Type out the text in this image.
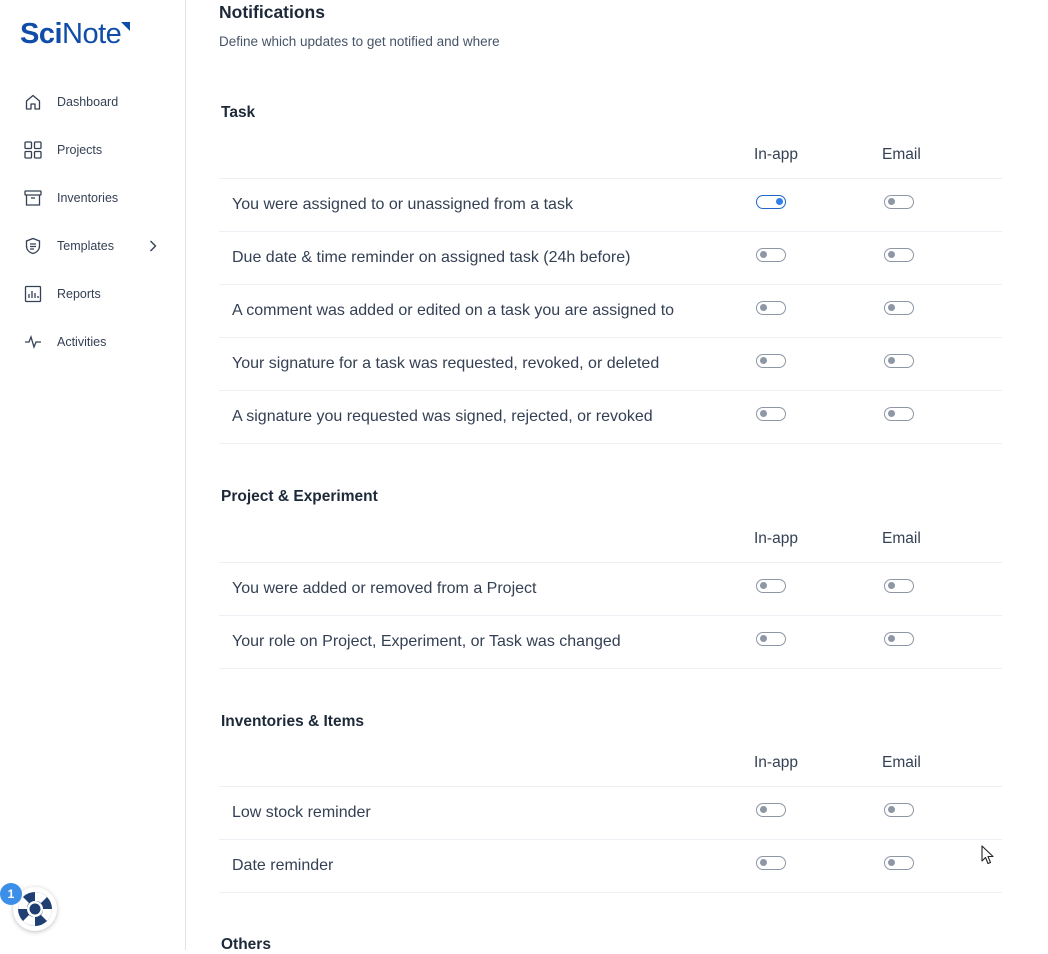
SciNote
Dashboard
Projects
Inventories
Templates
Reports
Activities
1
Notifications
Define which updates to get notified and where
Task
In-app	Email
You were assigned to or unassigned from a task
Due date & time reminder on assigned task (24h before)
A comment was added or edited on a task you are assigned to
Your signature for a task was requested, revoked, or deleted
A signature you requested was signed, rejected, or revoked
Project & Experiment
In-app	Email
You were added or removed from a Project
Your role on Project, Experiment, or Task was changed
Inventories & Items
In-app	Email
Low stock reminder
Date reminder
Others
